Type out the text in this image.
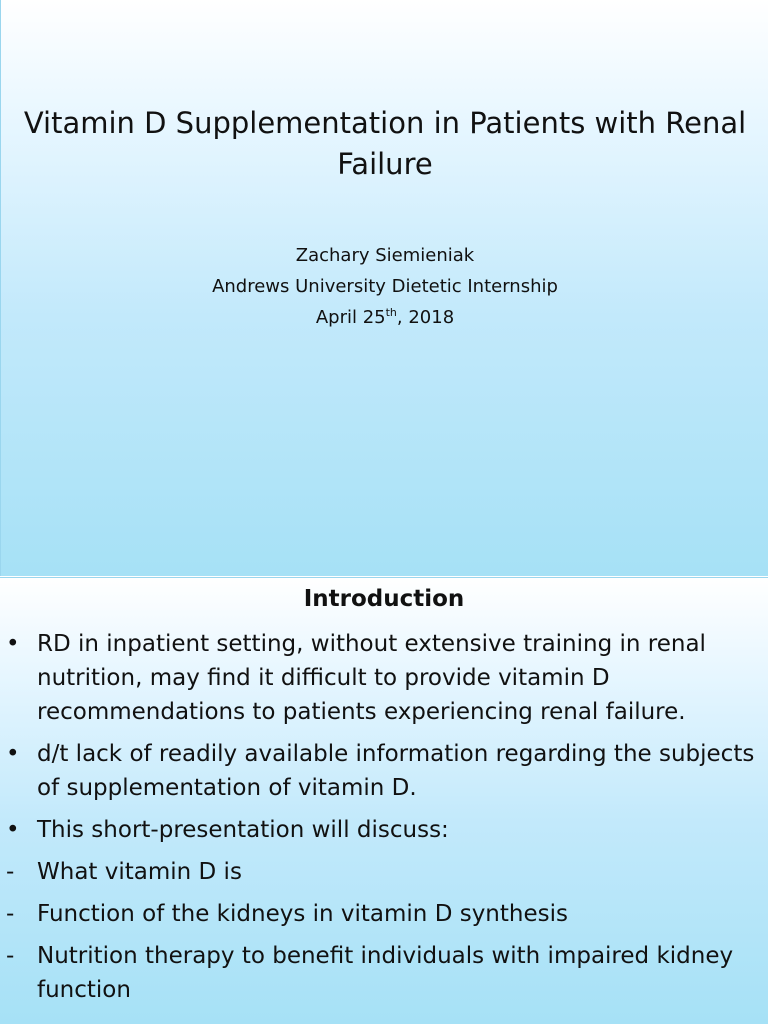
Vitamin D Supplementation in Patients with Renal Failure
Zachary Siemieniak
Andrews University Dietetic Internship
April 25th, 2018
Introduction
• RD in inpatient setting, without extensive training in renal nutrition, may find it difficult to provide vitamin D recommendations to patients experiencing renal failure.
• d/t lack of readily available information regarding the subjects of supplementation of vitamin D.
• This short-presentation will discuss:
- What vitamin D is
- Function of the kidneys in vitamin D synthesis
- Nutrition therapy to benefit individuals with impaired kidney function
